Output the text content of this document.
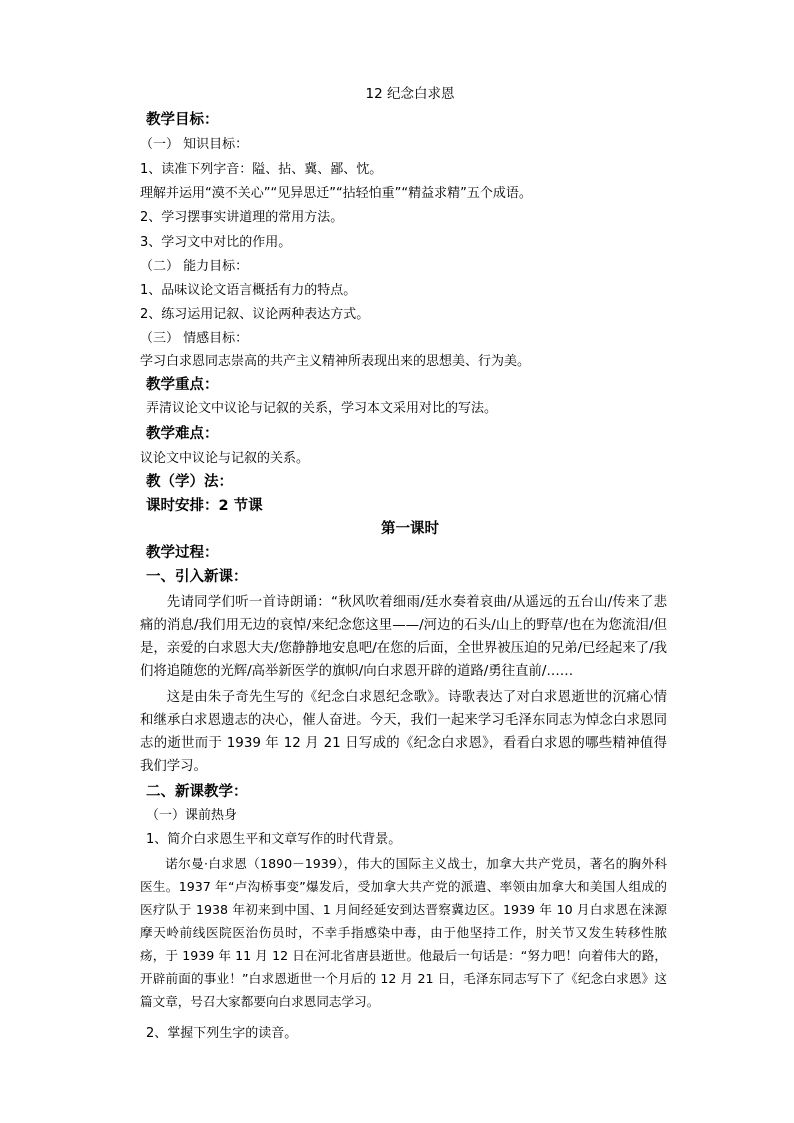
12 纪念白求恩
教学目标：
（一） 知识目标：
1、读准下列字音：隘、拈、冀、鄙、忱。
理解并运用“漠不关心”“见异思迁”“拈轻怕重”“精益求精”五个成语。
2、学习摆事实讲道理的常用方法。
3、学习文中对比的作用。
（二） 能力目标：
1、品味议论文语言概括有力的特点。
2、练习运用记叙、议论两种表达方式。
（三） 情感目标：
学习白求恩同志崇高的共产主义精神所表现出来的思想美、行为美。
教学重点：
弄清议论文中议论与记叙的关系，学习本文采用对比的写法。
教学难点：
议论文中议论与记叙的关系。
教（学）法：
课时安排：2 节课
第一课时
教学过程：
一、引入新课：
先请同学们听一首诗朗诵：“秋风吹着细雨/廷水奏着哀曲/从遥远的五台山/传来了悲痛的消息/我们用无边的哀悼/来纪念您这里——/河边的石头/山上的野草/也在为您流泪/但是，亲爱的白求恩大夫/您静静地安息吧/在您的后面，全世界被压迫的兄弟/已经起来了/我们将追随您的光辉/高举新医学的旗帜/向白求恩开辟的道路/勇往直前/……
这是由朱子奇先生写的《纪念白求恩纪念歌》。诗歌表达了对白求恩逝世的沉痛心情和继承白求恩遗志的决心，催人奋进。今天，我们一起来学习毛泽东同志为悼念白求恩同志的逝世而于 1939 年 12 月 21 日写成的《纪念白求恩》，看看白求恩的哪些精神值得我们学习。
二、新课教学：
（一）课前热身
1、简介白求恩生平和文章写作的时代背景。
诺尔曼·白求恩（1890－1939），伟大的国际主义战士，加拿大共产党员，著名的胸外科医生。1937 年“卢沟桥事变”爆发后，受加拿大共产党的派遣、率领由加拿大和美国人组成的医疗队于 1938 年初来到中国、1 月间经延安到达晋察冀边区。1939 年 10 月白求恩在涞源摩天岭前线医院医治伤员时，不幸手指感染中毒，由于他坚持工作，肘关节又发生转移性脓疡，于 1939 年 11 月 12 日在河北省唐县逝世。他最后一句话是：“努力吧！向着伟大的路，开辟前面的事业！”白求恩逝世一个月后的 12 月 21 日，毛泽东同志写下了《纪念白求恩》这篇文章，号召大家都要向白求恩同志学习。
2、掌握下列生字的读音。
